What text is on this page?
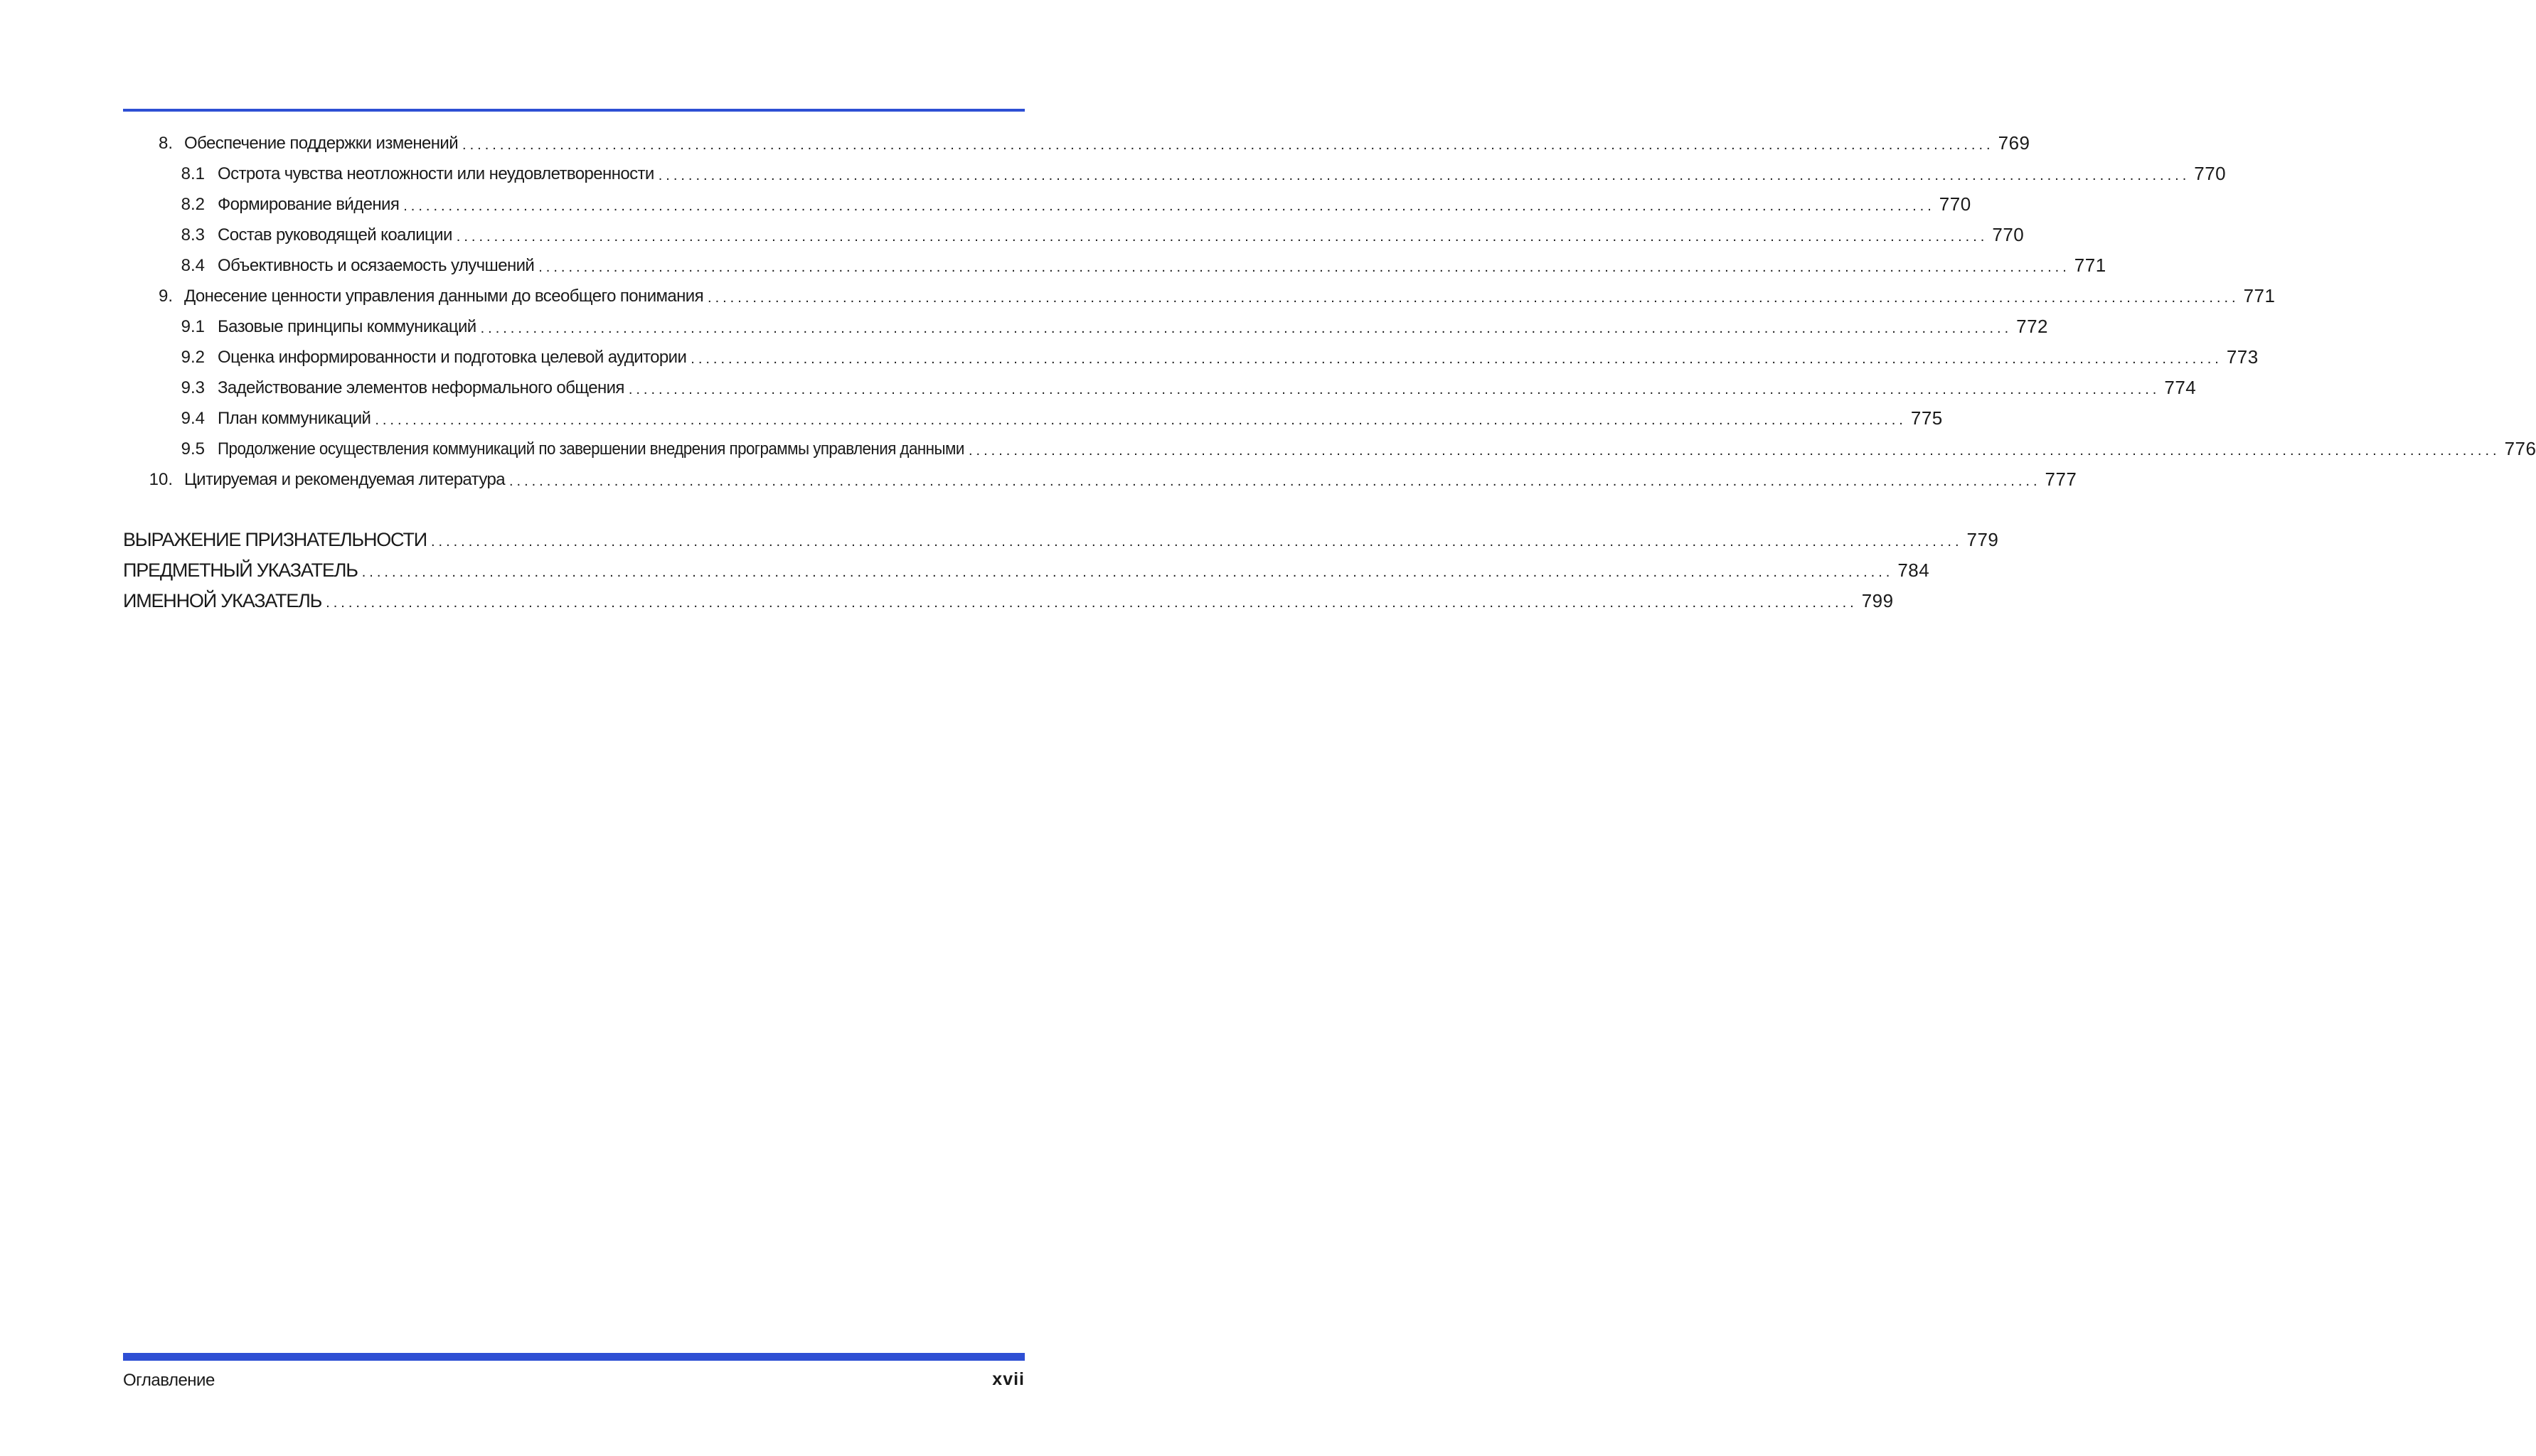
8. Обеспечение поддержки изменений ............................................................................................................................................................................................................ 769
8.1 Острота чувства неотложности или неудовлетворенности ............................................................................................................................................................................................................ 770
8.2 Формирование ви́дения ............................................................................................................................................................................................................ 770
8.3 Состав руководящей коалиции ............................................................................................................................................................................................................ 770
8.4 Объективность и осязаемость улучшений ............................................................................................................................................................................................................ 771
9. Донесение ценности управления данными до всеобщего понимания ............................................................................................................................................................................................................ 771
9.1 Базовые принципы коммуникаций ............................................................................................................................................................................................................ 772
9.2 Оценка информированности и подготовка целевой аудитории ............................................................................................................................................................................................................ 773
9.3 Задействование элементов неформального общения ............................................................................................................................................................................................................ 774
9.4 План коммуникаций ............................................................................................................................................................................................................ 775
9.5 Продолжение осуществления коммуникаций по завершении внедрения программы управления данными ............................................................................................................................................................................................................ 776
10. Цитируемая и рекомендуемая литература ............................................................................................................................................................................................................ 777
ВЫРАЖЕНИЕ ПРИЗНАТЕЛЬНОСТИ ............................................................................................................................................................................................................ 779
ПРЕДМЕТНЫЙ УКАЗАТЕЛЬ ............................................................................................................................................................................................................ 784
ИМЕННОЙ УКАЗАТЕЛЬ ............................................................................................................................................................................................................ 799
Оглавление	xvii
